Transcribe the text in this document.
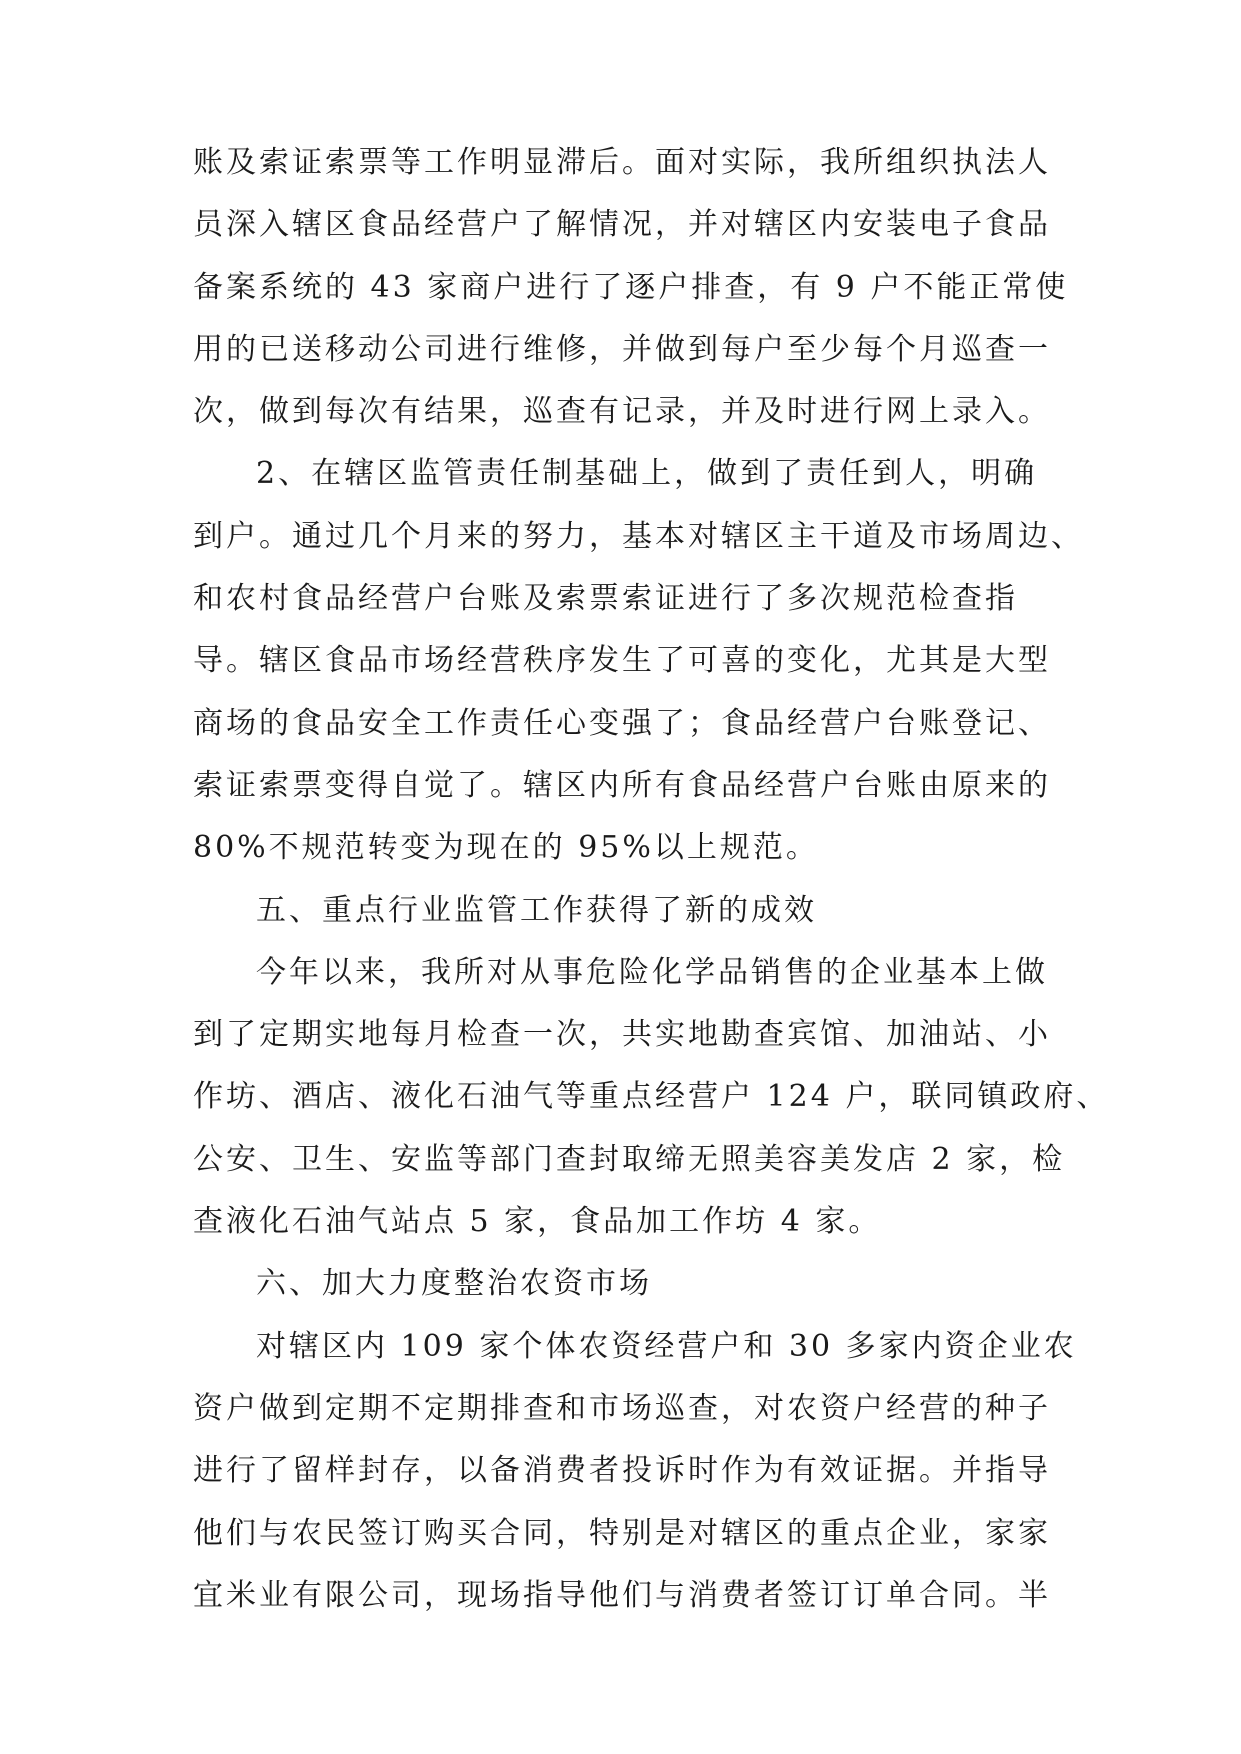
账及索证索票等工作明显滞后。面对实际，我所组织执法人
员深入辖区食品经营户了解情况，并对辖区内安装电子食品
备案系统的 43 家商户进行了逐户排查，有 9 户不能正常使
用的已送移动公司进行维修，并做到每户至少每个月巡查一
次，做到每次有结果，巡查有记录，并及时进行网上录入。
2、在辖区监管责任制基础上，做到了责任到人，明确
到户。通过几个月来的努力，基本对辖区主干道及市场周边、
和农村食品经营户台账及索票索证进行了多次规范检查指
导。辖区食品市场经营秩序发生了可喜的变化，尤其是大型
商场的食品安全工作责任心变强了；食品经营户台账登记、
索证索票变得自觉了。辖区内所有食品经营户台账由原来的
80%不规范转变为现在的 95%以上规范。
五、重点行业监管工作获得了新的成效
今年以来，我所对从事危险化学品销售的企业基本上做
到了定期实地每月检查一次，共实地勘查宾馆、加油站、小
作坊、酒店、液化石油气等重点经营户 124 户，联同镇政府、
公安、卫生、安监等部门查封取缔无照美容美发店 2 家，检
查液化石油气站点 5 家，食品加工作坊 4 家。
六、加大力度整治农资市场
对辖区内 109 家个体农资经营户和 30 多家内资企业农
资户做到定期不定期排查和市场巡查，对农资户经营的种子
进行了留样封存，以备消费者投诉时作为有效证据。并指导
他们与农民签订购买合同，特别是对辖区的重点企业，家家
宜米业有限公司，现场指导他们与消费者签订订单合同。半
